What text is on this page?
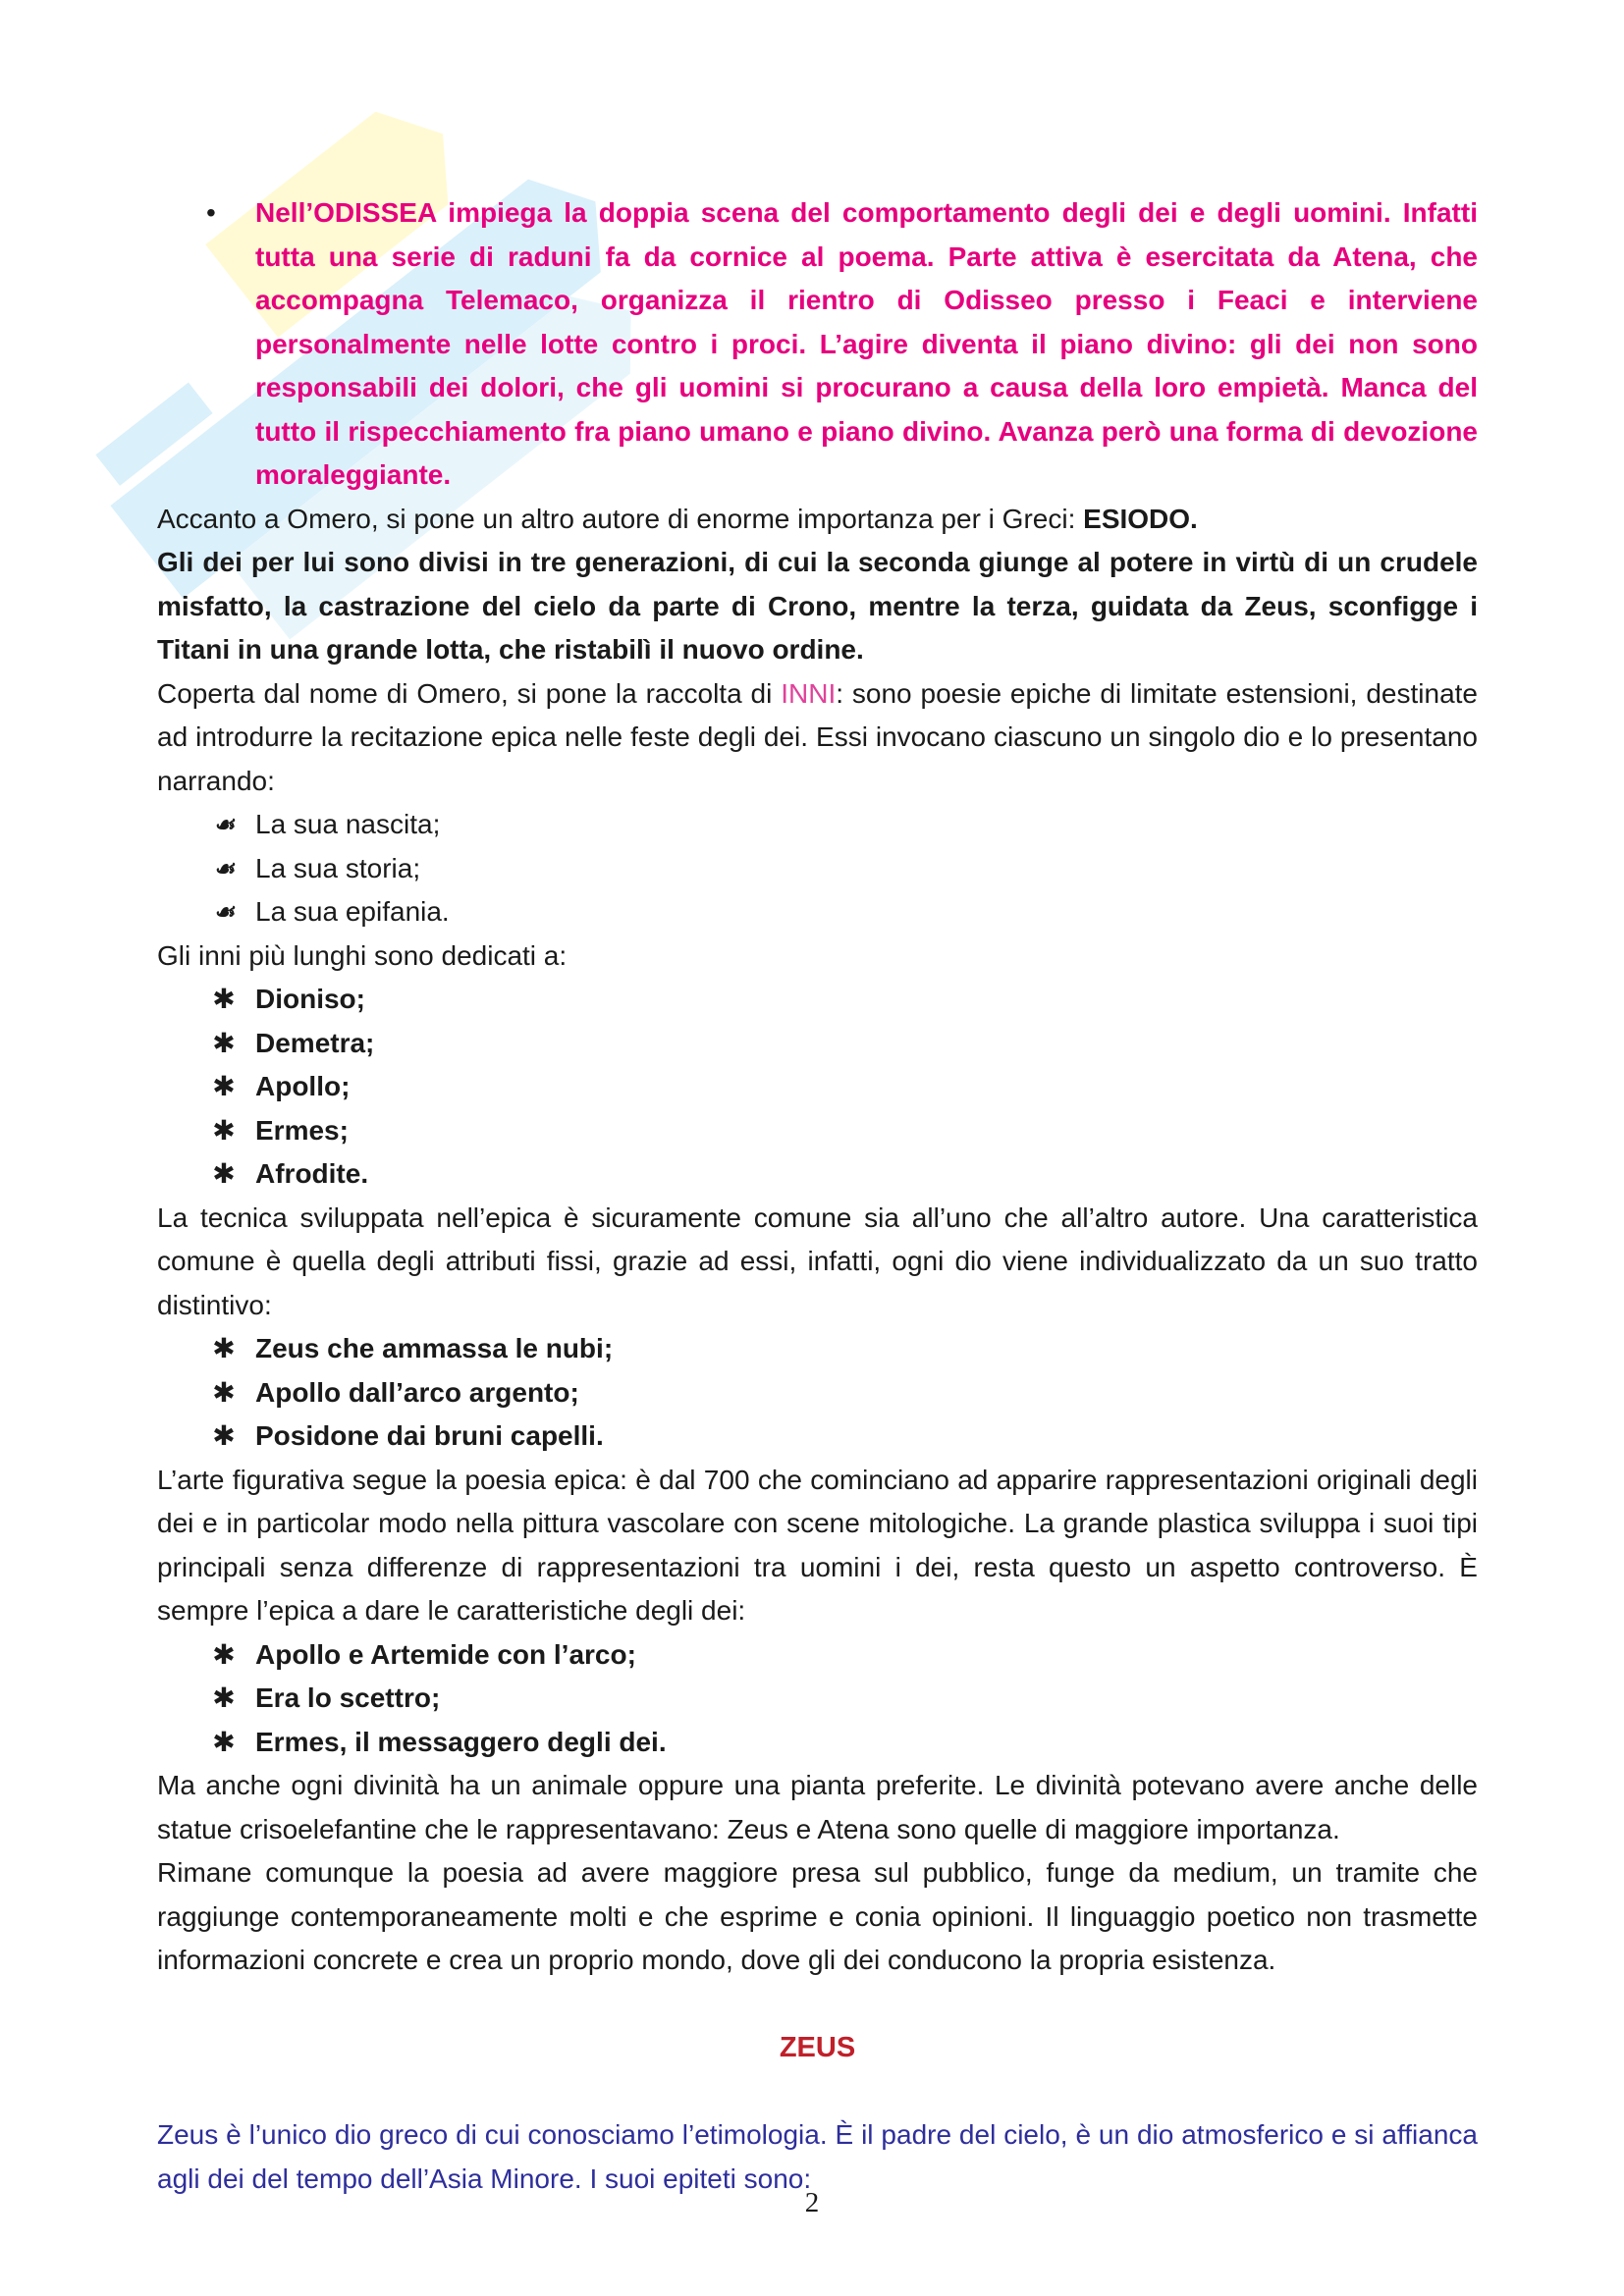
• Nell’ODISSEA impiega la doppia scena del comportamento degli dei e degli uomini. Infatti tutta una serie di raduni fa da cornice al poema. Parte attiva è esercitata da Atena, che accompagna Telemaco, organizza il rientro di Odisseo presso i Feaci e interviene personalmente nelle lotte contro i proci. L’agire diventa il piano divino: gli dei non sono responsabili dei dolori, che gli uomini si procurano a causa della loro empietà. Manca del tutto il rispecchiamento fra piano umano e piano divino. Avanza però una forma di devozione moraleggiante.

Accanto a Omero, si pone un altro autore di enorme importanza per i Greci: ESIODO.

Gli dei per lui sono divisi in tre generazioni, di cui la seconda giunge al potere in virtù di un crudele misfatto, la castrazione del cielo da parte di Crono, mentre la terza, guidata da Zeus, sconfigge i Titani in una grande lotta, che ristabilì il nuovo ordine.

Coperta dal nome di Omero, si pone la raccolta di INNI: sono poesie epiche di limitate estensioni, destinate ad introdurre la recitazione epica nelle feste degli dei. Essi invocano ciascuno un singolo dio e lo presentano narrando:

☙ La sua nascita;
☙ La sua storia;
☙ La sua epifania.

Gli inni più lunghi sono dedicati a:

✱ Dioniso;
✱ Demetra;
✱ Apollo;
✱ Ermes;
✱ Afrodite.

La tecnica sviluppata nell’epica è sicuramente comune sia all’uno che all’altro autore. Una caratteristica comune è quella degli attributi fissi, grazie ad essi, infatti, ogni dio viene individualizzato da un suo tratto distintivo:

✱ Zeus che ammassa le nubi;
✱ Apollo dall’arco argento;
✱ Posidone dai bruni capelli.

L’arte figurativa segue la poesia epica: è dal 700 che cominciano ad apparire rappresentazioni originali degli dei e in particolar modo nella pittura vascolare con scene mitologiche. La grande plastica sviluppa i suoi tipi principali senza differenze di rappresentazioni tra uomini i dei, resta questo un aspetto controverso. È sempre l’epica a dare le caratteristiche degli dei:

✱ Apollo e Artemide con l’arco;
✱ Era lo scettro;
✱ Ermes, il messaggero degli dei.

Ma anche ogni divinità ha un animale oppure una pianta preferite. Le divinità potevano avere anche delle statue crisoelefantine che le rappresentavano: Zeus e Atena sono quelle di maggiore importanza.

Rimane comunque la poesia ad avere maggiore presa sul pubblico, funge da medium, un tramite che raggiunge contemporaneamente molti e che esprime e conia opinioni. Il linguaggio poetico non trasmette informazioni concrete e crea un proprio mondo, dove gli dei conducono la propria esistenza.

ZEUS

Zeus è l’unico dio greco di cui conosciamo l’etimologia. È il padre del cielo, è un dio atmosferico e si affianca agli dei del tempo dell’Asia Minore. I suoi epiteti sono:

2
